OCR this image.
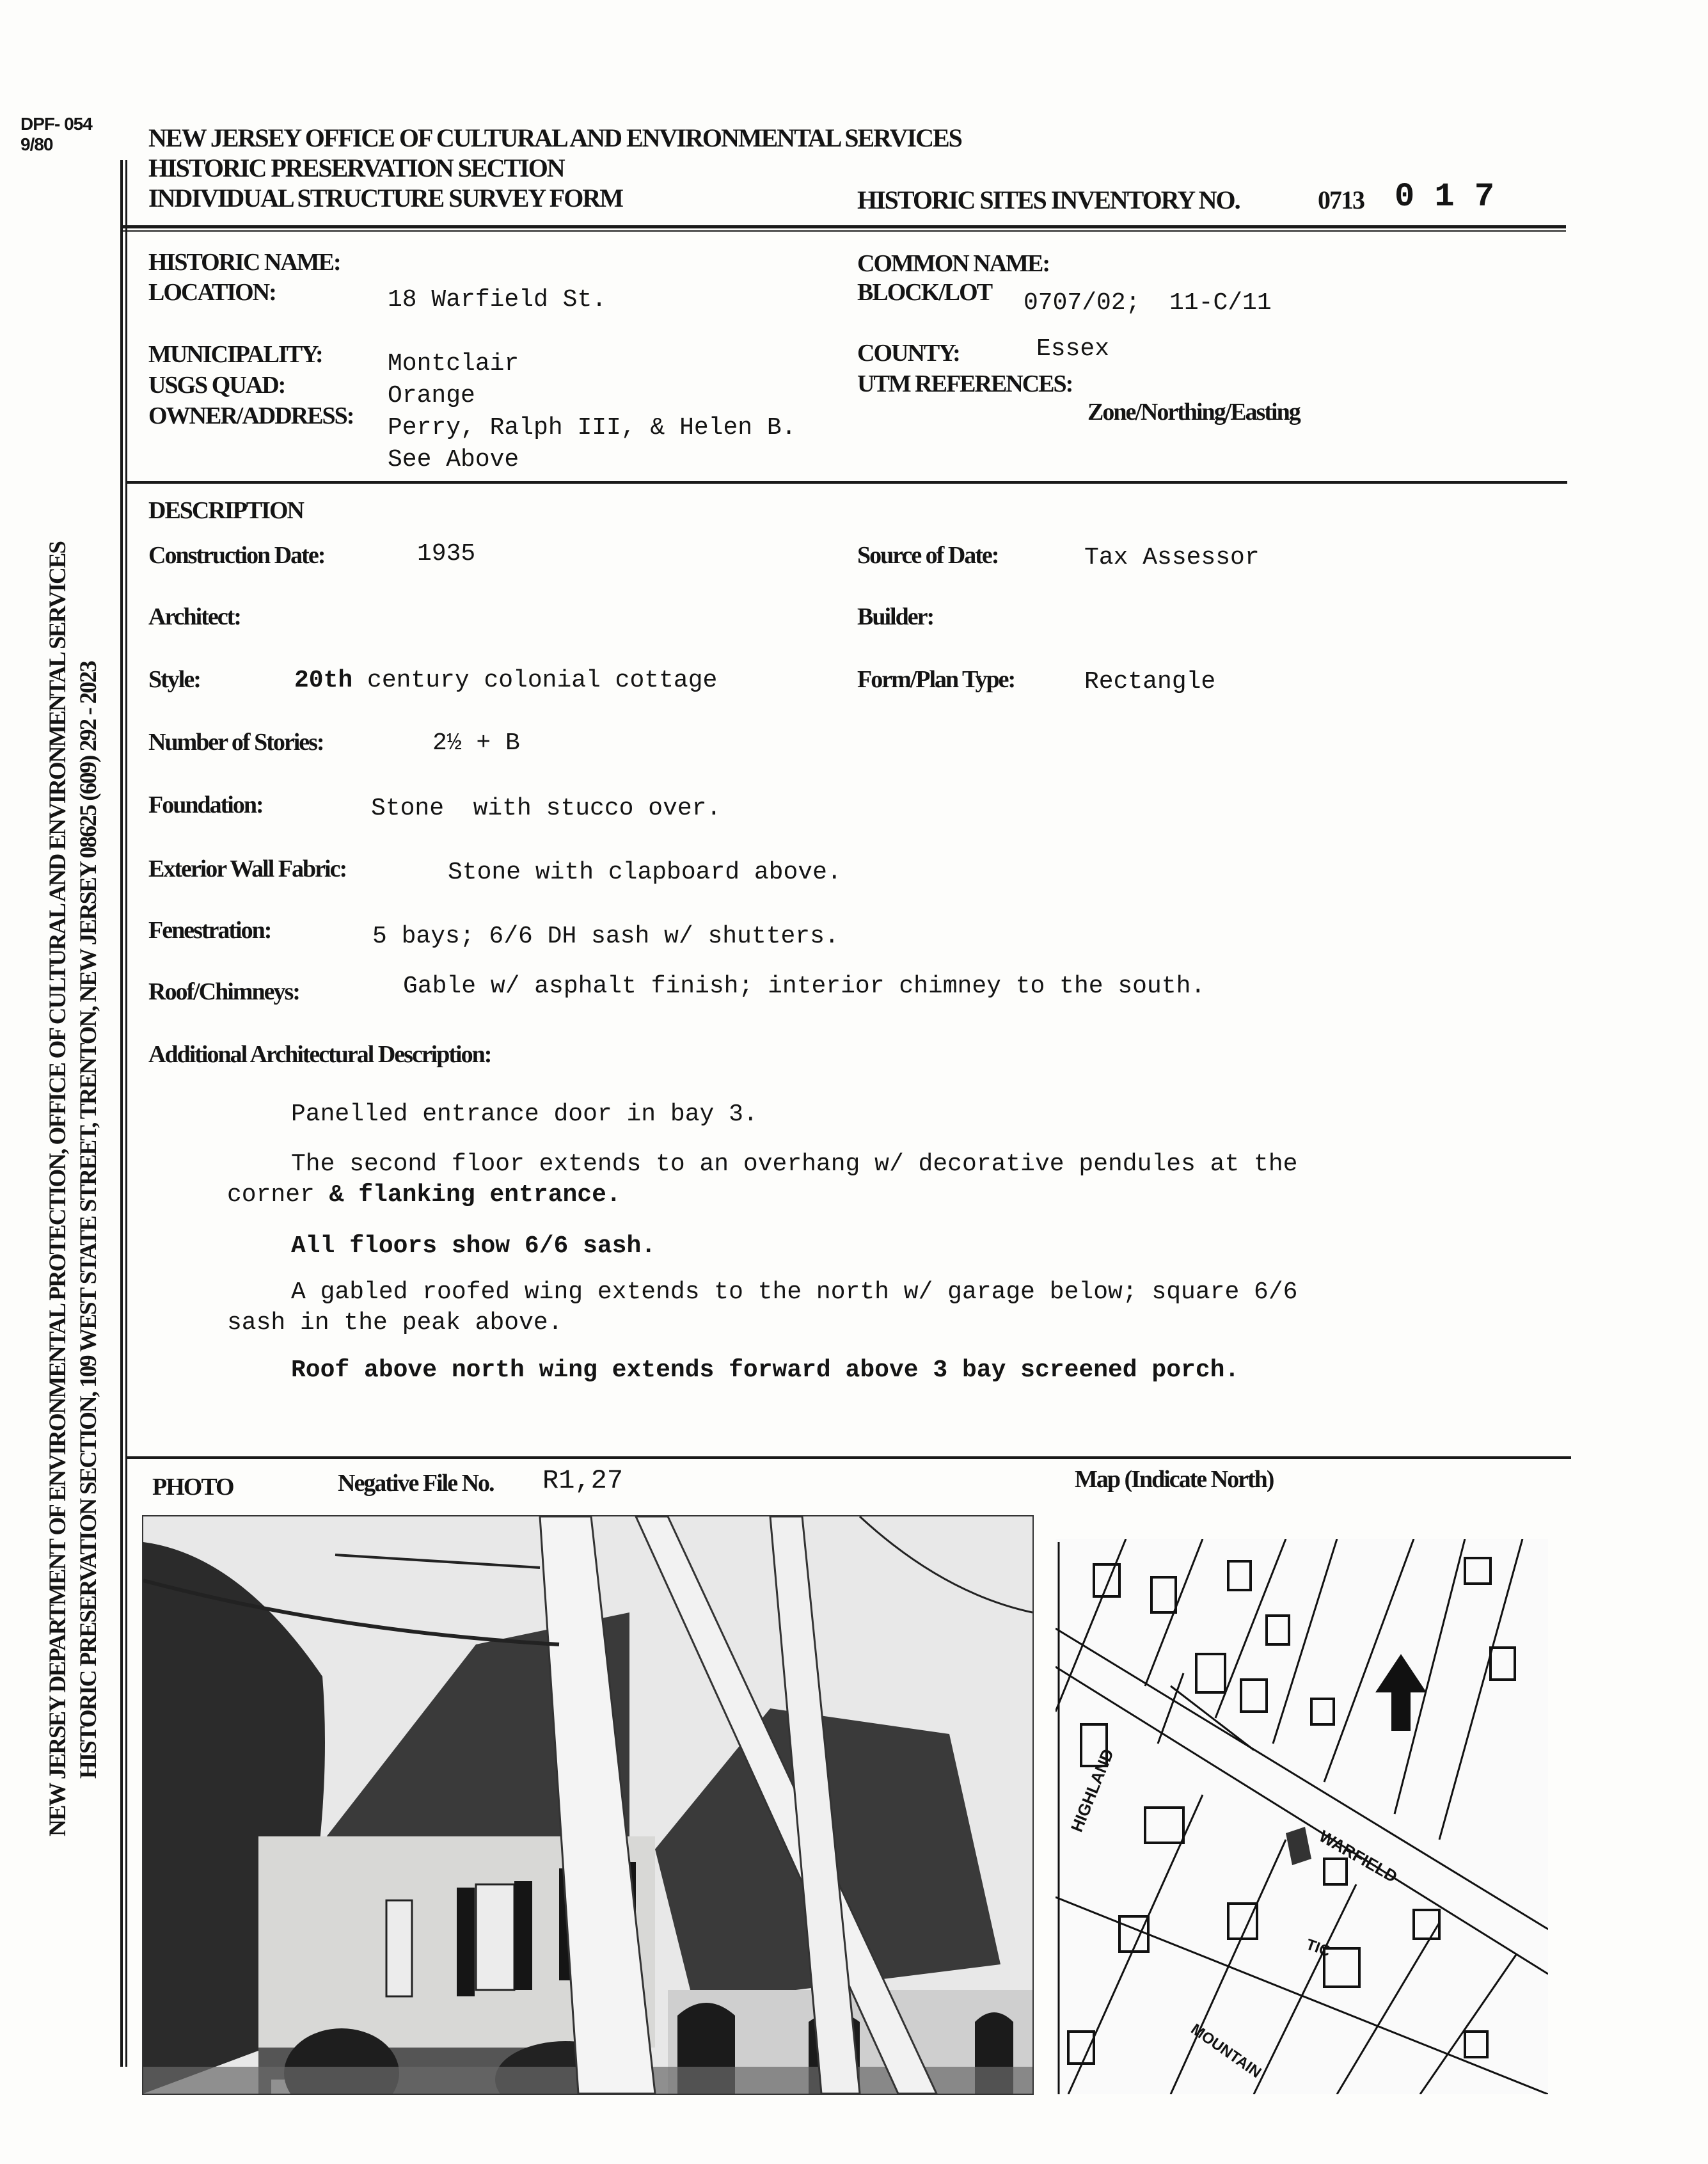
DPF- 054
9/80	NEW JERSEY OFFICE OF CULTURAL AND ENVIRONMENTAL SERVICES
HISTORIC PRESERVATION SECTION
INDIVIDUAL STRUCTURE SURVEY FORM	HISTORIC SITES INVENTORY NO.	0713 0 1 7
NEW JERSEY DEPARTMENT OF ENVIRONMENTAL PROTECTION, OFFICE OF CULTURAL AND ENVIRONMENTAL SERVICES HISTORIC PRESERVATION SECTION, 109 WEST STATE STREET, TRENTON, NEW JERSEY 08625 (609) 292 - 2023
HISTORIC NAME:
LOCATION:	18 Warfield St.
MUNICIPALITY:	Montclair
USGS QUAD:	Orange
OWNER/ADDRESS: Perry, Ralph III, & Helen B.
See Above
COMMON NAME:
BLOCK/LOT 0707/02;  11-C/11
COUNTY:	Essex
UTM REFERENCES:
Zone/Northing/Easting
DESCRIPTION
Construction Date:	1935	Source of Date:	Tax Assessor
Architect:	Builder:
Style:	20th century colonial cottage	Form/Plan Type:	Rectangle
Number of Stories:	2½ + B
Foundation:	Stone  with stucco over.
Exterior Wall Fabric:	Stone with clapboard above.
Fenestration:	5 bays; 6/6 DH sash w/ shutters.
Roof/Chimneys:	Gable w/ asphalt finish; interior chimney to the south.
Additional Architectural Description:
Panelled entrance door in bay 3.
The second floor extends to an overhang w/ decorative pendules at the
corner & flanking entrance.
All floors show 6/6 sash.
A gabled roofed wing extends to the north w/ garage below; square 6/6
sash in the peak above.
Roof above north wing extends forward above 3 bay screened porch.
PHOTO	Negative File No. R1,27	Map (Indicate North)
WARFIELD
HIGHLAND
MOUNTAIN
TIC
